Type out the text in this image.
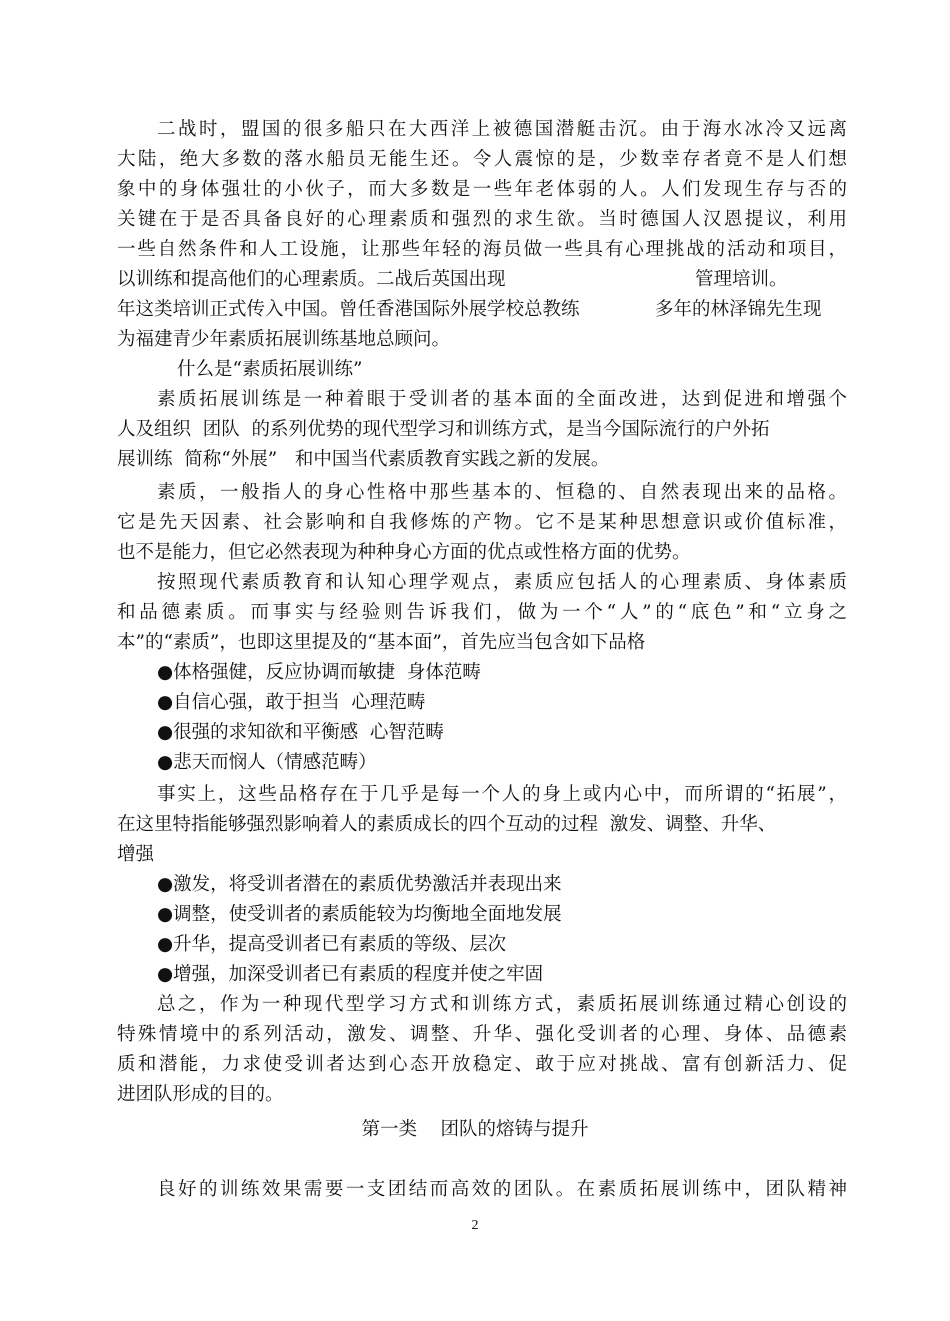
二战时，盟国的很多船只在大西洋上被德国潜艇击沉。由于海水冰冷又远离
大陆，绝大多数的落水船员无能生还。令人震惊的是，少数幸存者竟不是人们想
象中的身体强壮的小伙子，而大多数是一些年老体弱的人。人们发现生存与否的
关键在于是否具备良好的心理素质和强烈的求生欲。当时德国人汉恩提议，利用
一些自然条件和人工设施，让那些年轻的海员做一些具有心理挑战的活动和项目，
以训练和提高他们的心理素质。二战后英国出现	管理培训。
年这类培训正式传入中国。曾任香港国际外展学校总教练	多年的林泽锦先生现
为福建青少年素质拓展训练基地总顾问。
什么是“素质拓展训练”
素质拓展训练是一种着眼于受训者的基本面的全面改进，达到促进和增强个
人及组织  团队  的系列优势的现代型学习和训练方式，是当今国际流行的户外拓
展训练  简称“外展”   和中国当代素质教育实践之新的发展。
素质，一般指人的身心性格中那些基本的、恒稳的、自然表现出来的品格。
它是先天因素、社会影响和自我修炼的产物。它不是某种思想意识或价值标准，
也不是能力，但它必然表现为种种身心方面的优点或性格方面的优势。
按照现代素质教育和认知心理学观点，素质应包括人的心理素质、身体素质
和品德素质。而事实与经验则告诉我们，做为一个“人”的“底色”和“立身之
本”的“素质”，也即这里提及的“基本面”，首先应当包含如下品格
●体格强健，反应协调而敏捷  身体范畴
●自信心强，敢于担当  心理范畴
●很强的求知欲和平衡感  心智范畴
●悲天而悯人（情感范畴）
事实上，这些品格存在于几乎是每一个人的身上或内心中，而所谓的“拓展”，
在这里特指能够强烈影响着人的素质成长的四个互动的过程  激发、调整、升华、
增强
●激发，将受训者潜在的素质优势激活并表现出来
●调整，使受训者的素质能较为均衡地全面地发展
●升华，提高受训者已有素质的等级、层次
●增强，加深受训者已有素质的程度并使之牢固
总之，作为一种现代型学习方式和训练方式，素质拓展训练通过精心创设的
特殊情境中的系列活动，激发、调整、升华、强化受训者的心理、身体、品德素
质和潜能，力求使受训者达到心态开放稳定、敢于应对挑战、富有创新活力、促
进团队形成的目的。
第一类    团队的熔铸与提升
良好的训练效果需要一支团结而高效的团队。在素质拓展训练中，团队精神
2
